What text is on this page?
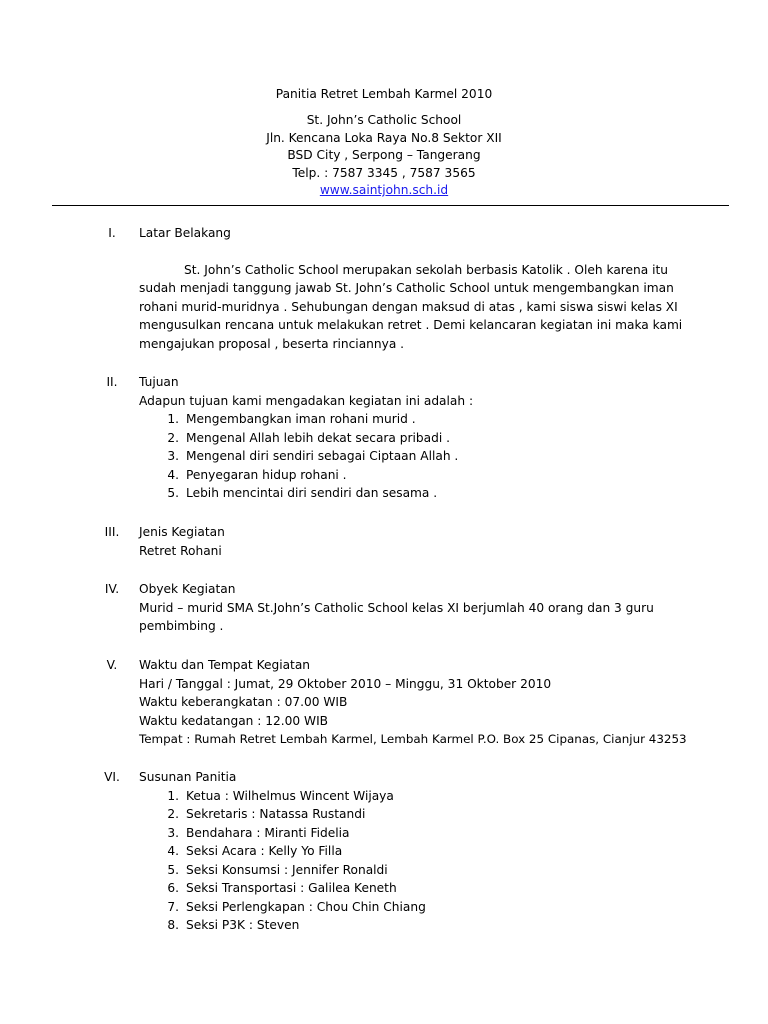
Panitia Retret Lembah Karmel 2010
St. John’s Catholic School
Jln. Kencana Loka Raya No.8 Sektor XII
BSD City , Serpong – Tangerang
Telp. : 7587 3345 , 7587 3565
www.saintjohn.sch.id
I.	Latar Belakang
St. John’s Catholic School merupakan sekolah berbasis Katolik . Oleh karena itu sudah menjadi tanggung jawab St. John’s Catholic School untuk mengembangkan iman rohani murid-muridnya . Sehubungan dengan maksud di atas , kami siswa siswi kelas XI mengusulkan rencana untuk melakukan retret . Demi kelancaran kegiatan ini maka kami mengajukan proposal , beserta rinciannya .
II.	Tujuan
Adapun tujuan kami mengadakan kegiatan ini adalah :
1. Mengembangkan iman rohani murid .
2. Mengenal Allah lebih dekat secara pribadi .
3. Mengenal diri sendiri sebagai Ciptaan Allah .
4. Penyegaran hidup rohani .
5. Lebih mencintai diri sendiri dan sesama .
III.	Jenis Kegiatan
Retret Rohani
IV.	Obyek Kegiatan
Murid – murid SMA St.John’s Catholic School kelas XI berjumlah 40 orang dan 3 guru
pembimbing .
V.	Waktu dan Tempat Kegiatan
Hari / Tanggal : Jumat, 29 Oktober 2010 – Minggu, 31 Oktober 2010
Waktu keberangkatan : 07.00 WIB
Waktu kedatangan : 12.00 WIB
Tempat : Rumah Retret Lembah Karmel, Lembah Karmel P.O. Box 25 Cipanas, Cianjur 43253
VI.	Susunan Panitia
1. Ketua : Wilhelmus Wincent Wijaya
2. Sekretaris : Natassa Rustandi
3. Bendahara : Miranti Fidelia
4. Seksi Acara : Kelly Yo Filla
5. Seksi Konsumsi : Jennifer Ronaldi
6. Seksi Transportasi : Galilea Keneth
7. Seksi Perlengkapan : Chou Chin Chiang
8. Seksi P3K : Steven
